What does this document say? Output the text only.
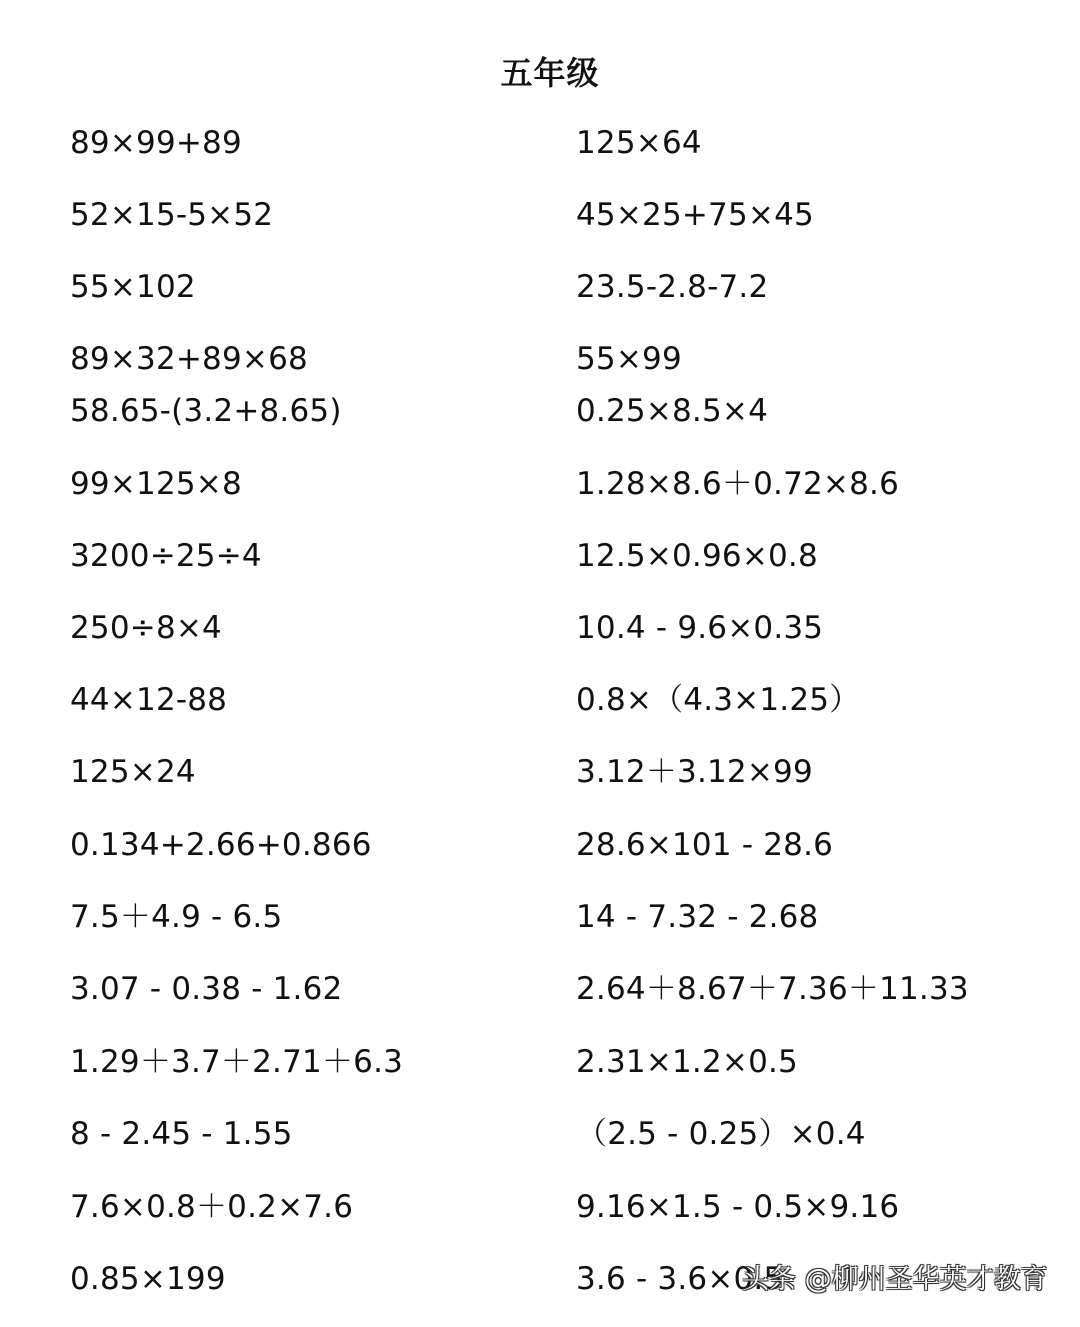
五年级
89×99+89
52×15-5×52
55×102
89×32+89×68
58.65-(3.2+8.65)
99×125×8
3200÷25÷4
250÷8×4
44×12-88
125×24
0.134+2.66+0.866
7.5＋4.9 - 6.5
3.07 - 0.38 - 1.62
1.29＋3.7＋2.71＋6.3
8 - 2.45 - 1.55
7.6×0.8＋0.2×7.6
0.85×199
125×64
45×25+75×45
23.5-2.8-7.2
55×99
0.25×8.5×4
1.28×8.6＋0.72×8.6
12.5×0.96×0.8
10.4 - 9.6×0.35
0.8×（4.3×1.25）
3.12＋3.12×99
28.6×101 - 28.6
14 - 7.32 - 2.68
2.64＋8.67＋7.36＋11.33
2.31×1.2×0.5
（2.5 - 0.25）×0.4
9.16×1.5 - 0.5×9.16
3.6 - 3.6×0.5
头条 @柳州圣华英才教育
